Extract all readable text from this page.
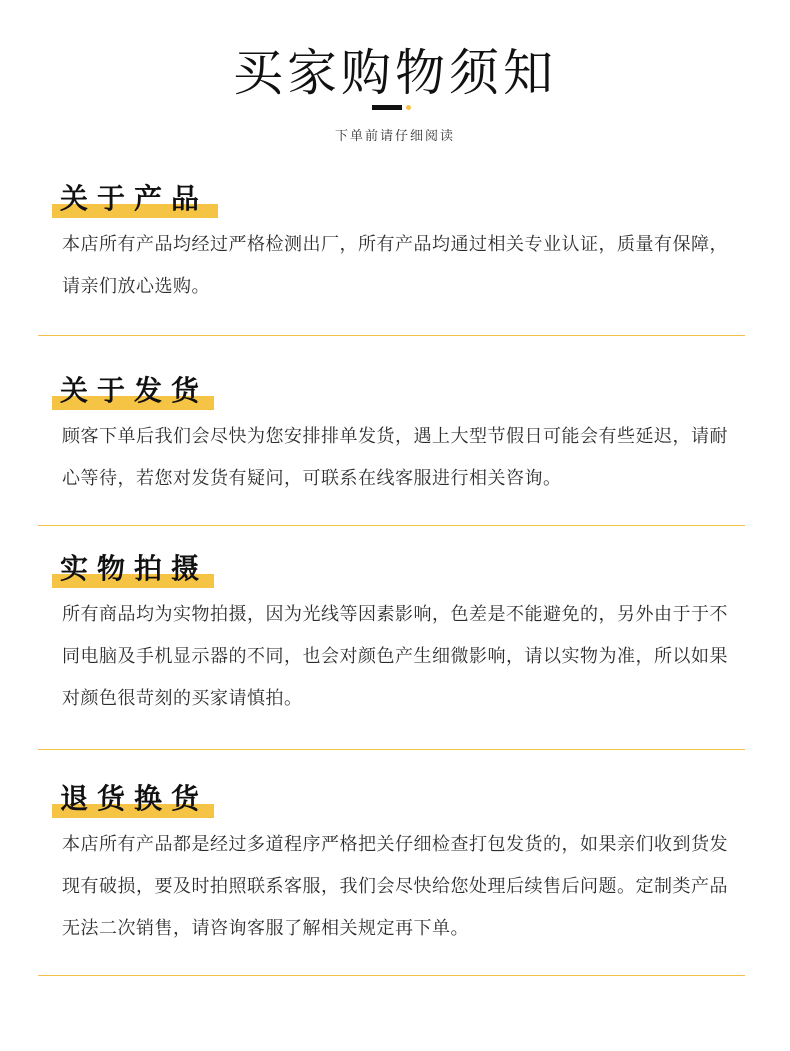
买家购物须知
下单前请仔细阅读
关于产品

本店所有产品均经过严格检测出厂，所有产品均通过相关专业认证，质量有保障，请亲们放心选购。

关于发货

顾客下单后我们会尽快为您安排排单发货，遇上大型节假日可能会有些延迟，请耐心等待，若您对发货有疑问，可联系在线客服进行相关咨询。

实物拍摄

所有商品均为实物拍摄，因为光线等因素影响，色差是不能避免的，另外由于于不同电脑及手机显示器的不同，也会对颜色产生细微影响，请以实物为准，所以如果对颜色很苛刻的买家请慎拍。

退货换货

本店所有产品都是经过多道程序严格把关仔细检查打包发货的，如果亲们收到货发现有破损，要及时拍照联系客服，我们会尽快给您处理后续售后问题。定制类产品无法二次销售，请咨询客服了解相关规定再下单。
